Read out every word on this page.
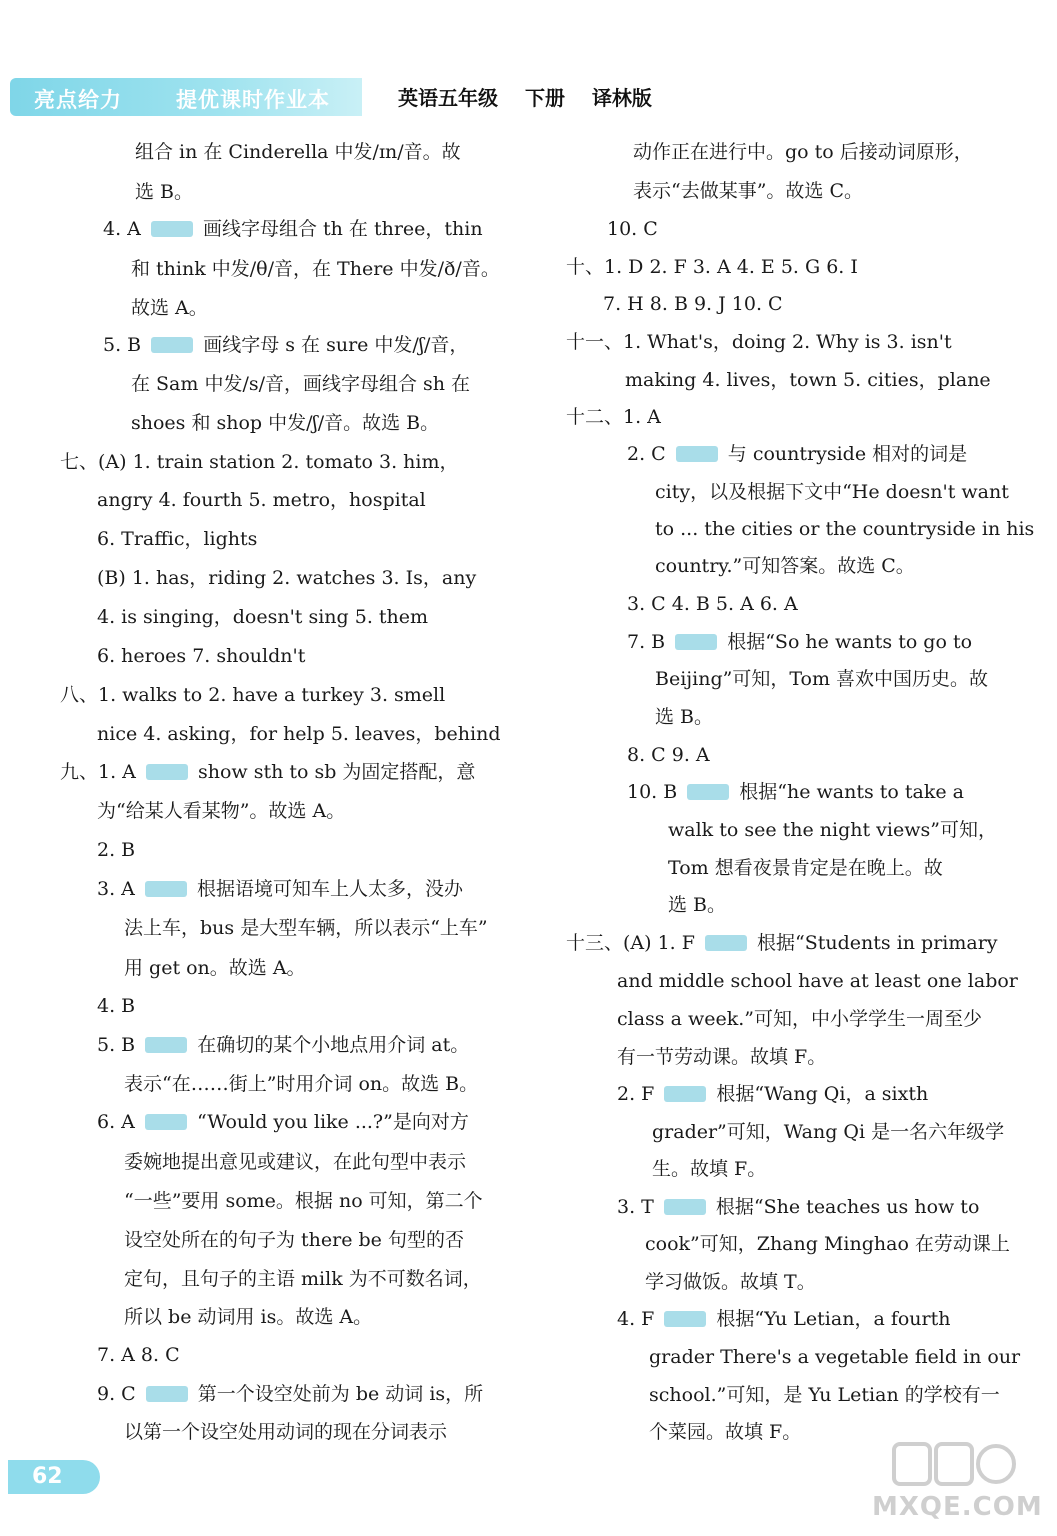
亮点给力	提优课时作业本	英语五年级 下册 译林版
组合 in 在 Cinderella 中发/ɪn/音。故
选 B。
4. A	画线字母组合 th 在 three，thin
和 think 中发/θ/音，在 There 中发/ð/音。
故选 A。
5. B	画线字母 s 在 sure 中发/ʃ/音，
在 Sam 中发/s/音，画线字母组合 sh 在
shoes 和 shop 中发/ʃ/音。故选 B。
七、(A) 1. train station 2. tomato 3. him，
angry 4. fourth 5. metro，hospital
6. Traffic，lights
(B) 1. has，riding 2. watches 3. Is，any
4. is singing，doesn't sing 5. them
6. heroes 7. shouldn't
八、1. walks to 2. have a turkey 3. smell
nice 4. asking，for help 5. leaves，behind
九、1. A	show sth to sb 为固定搭配，意
为“给某人看某物”。故选 A。
2. B
3. A	根据语境可知车上人太多，没办
法上车，bus 是大型车辆，所以表示“上车”
用 get on。故选 A。
4. B
5. B	在确切的某个小地点用介词 at。
表示“在……街上”时用介词 on。故选 B。
6. A	“Would you like ...?”是向对方
委婉地提出意见或建议，在此句型中表示
“一些”要用 some。根据 no 可知，第二个
设空处所在的句子为 there be 句型的否
定句，且句子的主语 milk 为不可数名词，
所以 be 动词用 is。故选 A。
7. A 8. C
9. C	第一个设空处前为 be 动词 is，所
以第一个设空处用动词的现在分词表示
动作正在进行中。go to 后接动词原形，
表示“去做某事”。故选 C。
10. C
十、1. D 2. F 3. A 4. E 5. G 6. I
7. H 8. B 9. J 10. C
十一、1. What's，doing 2. Why is 3. isn't
making 4. lives，town 5. cities，plane
十二、1. A
2. C	与 countryside 相对的词是
city，以及根据下文中“He doesn't want
to ... the cities or the countryside in his
country.”可知答案。故选 C。
3. C 4. B 5. A 6. A
7. B	根据“So he wants to go to
Beijing”可知，Tom 喜欢中国历史。故
选 B。
8. C 9. A
10. B	根据“he wants to take a
walk to see the night views”可知，
Tom 想看夜景肯定是在晚上。故
选 B。
十三、(A) 1. F	根据“Students in primary
and middle school have at least one labor
class a week.”可知，中小学学生一周至少
有一节劳动课。故填 F。
2. F	根据“Wang Qi，a sixth
grader”可知，Wang Qi 是一名六年级学
生。故填 F。
3. T	根据“She teaches us how to
cook”可知，Zhang Minghao 在劳动课上
学习做饭。故填 T。
4. F	根据“Yu Letian，a fourth
grader There's a vegetable field in our
school.”可知，是 Yu Letian 的学校有一
个菜园。故填 F。
62
MXQE.COM
